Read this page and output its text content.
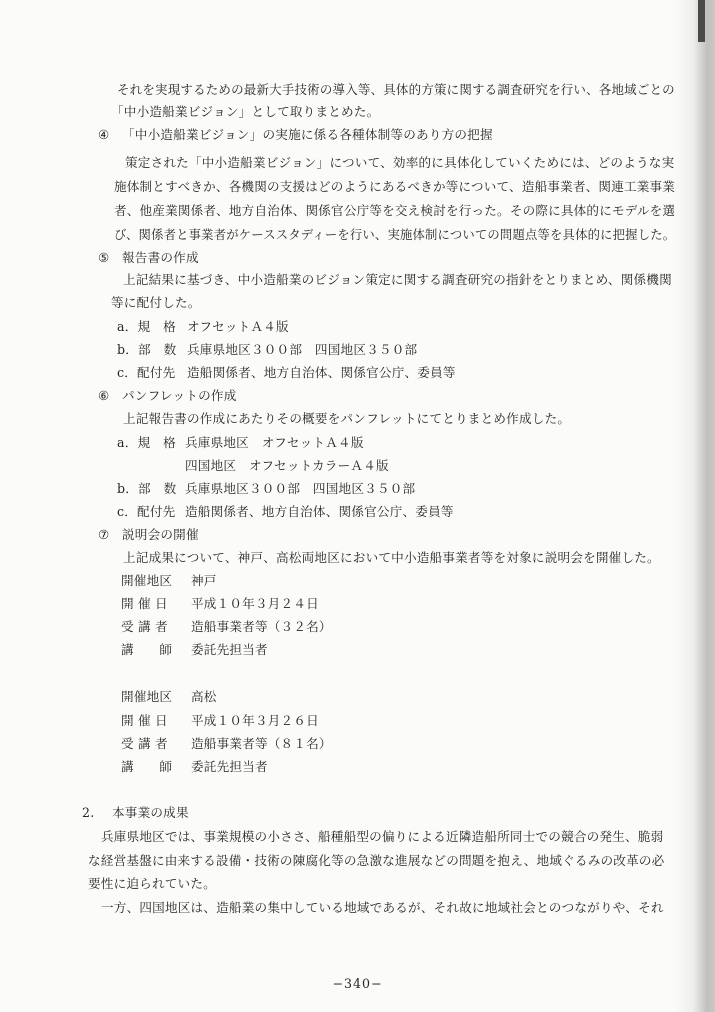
それを実現するための最新大手技術の導入等、具体的方策に関する調査研究を行い、各地域ごとの
「中小造船業ビジョン」として取りまとめた。
④ 「中小造船業ビジョン」の実施に係る各種体制等のあり方の把握
策定された「中小造船業ビジョン」について、効率的に具体化していくためには、どのような実
施体制とすべきか、各機関の支援はどのようにあるべきか等について、造船事業者、関連工業事業
者、他産業関係者、地方自治体、関係官公庁等を交え検討を行った。その際に具体的にモデルを選
び、関係者と事業者がケーススタディーを行い、実施体制についての問題点等を具体的に把握した。
⑤ 報告書の作成
上記結果に基づき、中小造船業のビジョン策定に関する調査研究の指針をとりまとめ、関係機関
等に配付した。
a．規　格 オフセットＡ４版
b．部　数 兵庫県地区３００部　四国地区３５０部
c．配付先 造船関係者、地方自治体、関係官公庁、委員等
⑥ パンフレットの作成
上記報告書の作成にあたりその概要をパンフレットにてとりまとめ作成した。
a．規　格 兵庫県地区　オフセットＡ４版
四国地区　オフセットカラーＡ４版
b．部　数 兵庫県地区３００部　四国地区３５０部
c．配付先 造船関係者、地方自治体、関係官公庁、委員等
⑦ 説明会の開催
上記成果について、神戸、高松両地区において中小造船事業者等を対象に説明会を開催した。
開催地区 神戸
開 催 日 平成１０年３月２４日
受 講 者 造船事業者等（３２名）
講　　師 委託先担当者
開催地区 高松
開 催 日 平成１０年３月２６日
受 講 者 造船事業者等（８１名）
講　　師 委託先担当者
2. 本事業の成果
兵庫県地区では、事業規模の小ささ、船種船型の偏りによる近隣造船所同士での競合の発生、脆弱
な経営基盤に由来する設備・技術の陳腐化等の急激な進展などの問題を抱え、地域ぐるみの改革の必
要性に迫られていた。
一方、四国地区は、造船業の集中している地域であるが、それ故に地域社会とのつながりや、それ
−340−
